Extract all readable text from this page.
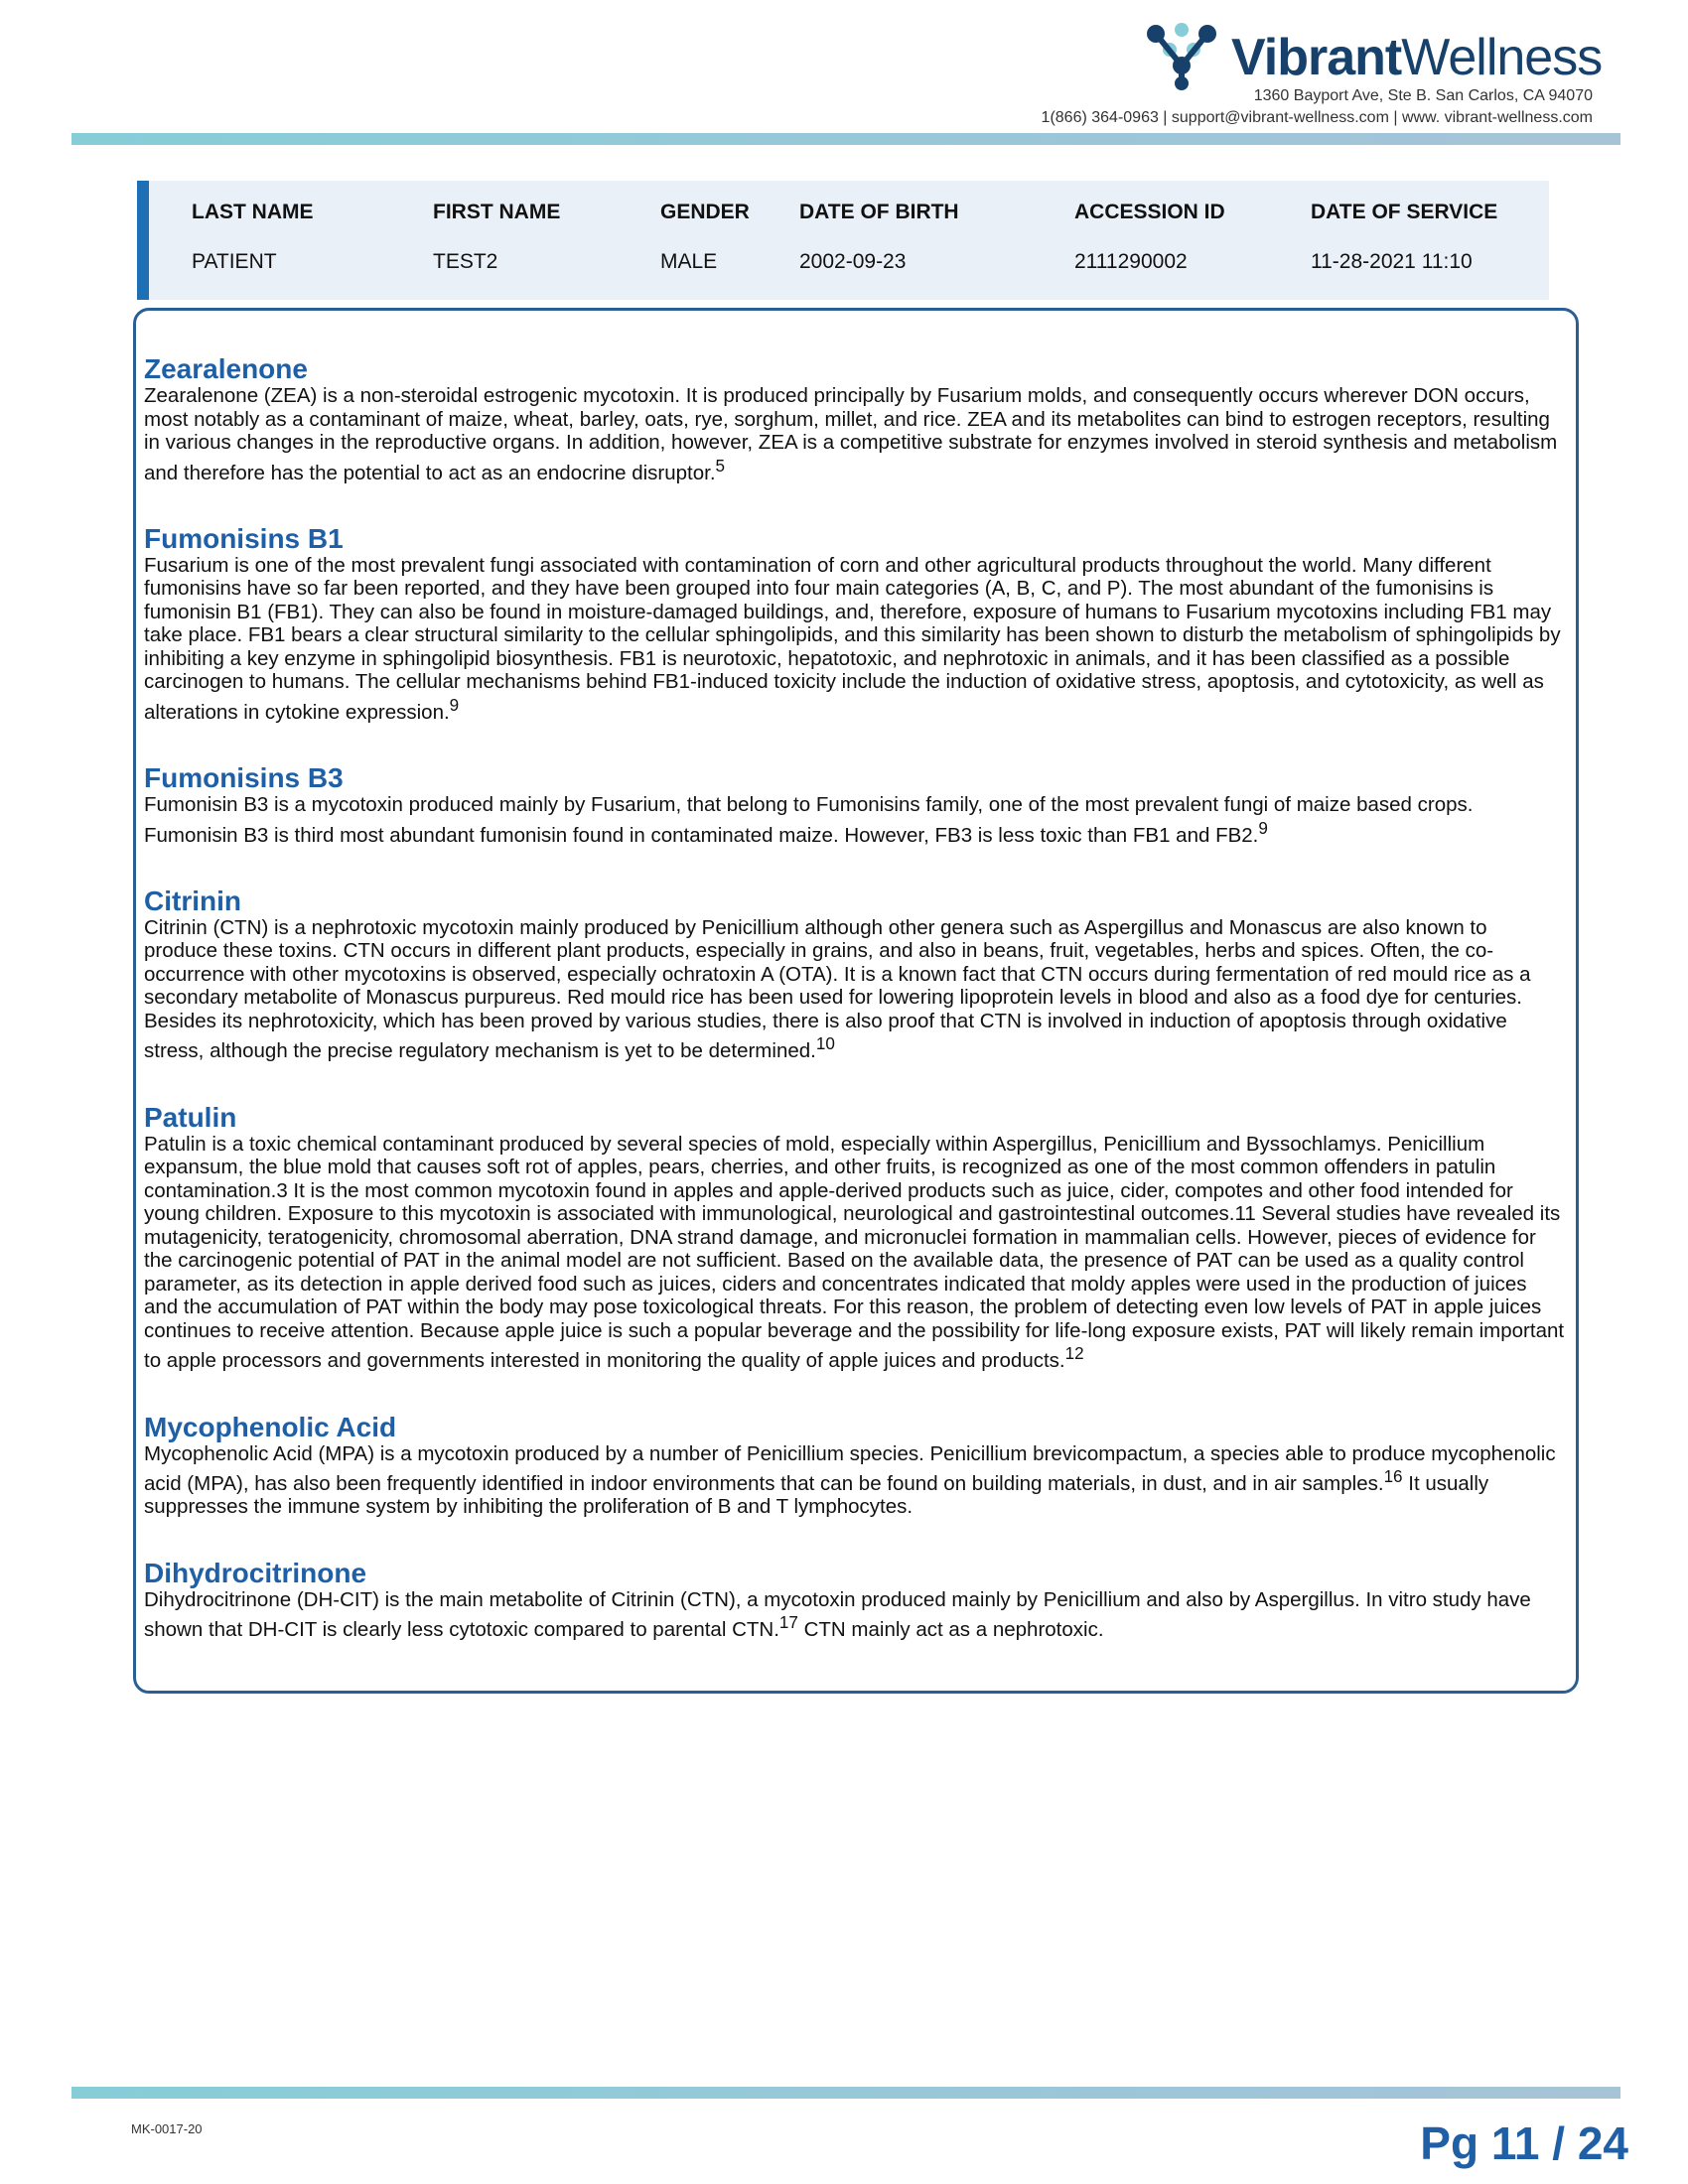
VibrantWellness
1360 Bayport Ave, Ste B. San Carlos, CA 94070
1(866) 364-0963 | support@vibrant-wellness.com | www. vibrant-wellness.com
LAST NAME
PATIENT
FIRST NAME
TEST2
GENDER
MALE
DATE OF BIRTH
2002-09-23
ACCESSION ID
2111290002
DATE OF SERVICE
11-28-2021 11:10
Zearalenone

Zearalenone (ZEA) is a non-steroidal estrogenic mycotoxin. It is produced principally by Fusarium molds, and consequently occurs wherever DON occurs, most notably as a contaminant of maize, wheat, barley, oats, rye, sorghum, millet, and rice. ZEA and its metabolites can bind to estrogen receptors, resulting in various changes in the reproductive organs. In addition, however, ZEA is a competitive substrate for enzymes involved in steroid synthesis and metabolism and therefore has the potential to act as an endocrine disruptor.$^5$

Fumonisins B1

Fusarium is one of the most prevalent fungi associated with contamination of corn and other agricultural products throughout the world. Many different fumonisins have so far been reported, and they have been grouped into four main categories (A, B, C, and P). The most abundant of the fumonisins is fumonisin B1 (FB1). They can also be found in moisture-damaged buildings, and, therefore, exposure of humans to Fusarium mycotoxins including FB1 may take place. FB1 bears a clear structural similarity to the cellular sphingolipids, and this similarity has been shown to disturb the metabolism of sphingolipids by inhibiting a key enzyme in sphingolipid biosynthesis. FB1 is neurotoxic, hepatotoxic, and nephrotoxic in animals, and it has been classified as a possible carcinogen to humans. The cellular mechanisms behind FB1-induced toxicity include the induction of oxidative stress, apoptosis, and cytotoxicity, as well as alterations in cytokine expression.$^9$

Fumonisins B3

Fumonisin B3 is a mycotoxin produced mainly by Fusarium, that belong to Fumonisins family, one of the most prevalent fungi of maize based crops. Fumonisin B3 is third most abundant fumonisin found in contaminated maize. However, FB3 is less toxic than FB1 and FB2.$^9$

Citrinin

Citrinin (CTN) is a nephrotoxic mycotoxin mainly produced by Penicillium although other genera such as Aspergillus and Monascus are also known to produce these toxins. CTN occurs in different plant products, especially in grains, and also in beans, fruit, vegetables, herbs and spices. Often, the co-occurrence with other mycotoxins is observed, especially ochratoxin A (OTA). It is a known fact that CTN occurs during fermentation of red mould rice as a secondary metabolite of Monascus purpureus. Red mould rice has been used for lowering lipoprotein levels in blood and also as a food dye for centuries. Besides its nephrotoxicity, which has been proved by various studies, there is also proof that CTN is involved in induction of apoptosis through oxidative stress, although the precise regulatory mechanism is yet to be determined.$^{10}$

Patulin

Patulin is a toxic chemical contaminant produced by several species of mold, especially within Aspergillus, Penicillium and Byssochlamys. Penicillium expansum, the blue mold that causes soft rot of apples, pears, cherries, and other fruits, is recognized as one of the most common offenders in patulin contamination.3 It is the most common mycotoxin found in apples and apple-derived products such as juice, cider, compotes and other food intended for young children. Exposure to this mycotoxin is associated with immunological, neurological and gastrointestinal outcomes.11 Several studies have revealed its mutagenicity, teratogenicity, chromosomal aberration, DNA strand damage, and micronuclei formation in mammalian cells. However, pieces of evidence for the carcinogenic potential of PAT in the animal model are not sufficient. Based on the available data, the presence of PAT can be used as a quality control parameter, as its detection in apple derived food such as juices, ciders and concentrates indicated that moldy apples were used in the production of juices and the accumulation of PAT within the body may pose toxicological threats. For this reason, the problem of detecting even low levels of PAT in apple juices continues to receive attention. Because apple juice is such a popular beverage and the possibility for life-long exposure exists, PAT will likely remain important to apple processors and governments interested in monitoring the quality of apple juices and products.$^{12}$

Mycophenolic Acid

Mycophenolic Acid (MPA) is a mycotoxin produced by a number of Penicillium species. Penicillium brevicompactum, a species able to produce mycophenolic acid (MPA), has also been frequently identified in indoor environments that can be found on building materials, in dust, and in air samples.$^{16}$ It usually suppresses the immune system by inhibiting the proliferation of B and T lymphocytes.

Dihydrocitrinone

Dihydrocitrinone (DH-CIT) is the main metabolite of Citrinin (CTN), a mycotoxin produced mainly by Penicillium and also by Aspergillus. In vitro study have shown that DH-CIT is clearly less cytotoxic compared to parental CTN.$^{17}$ CTN mainly act as a nephrotoxic.

MK-0017-20	Pg 11 / 24
